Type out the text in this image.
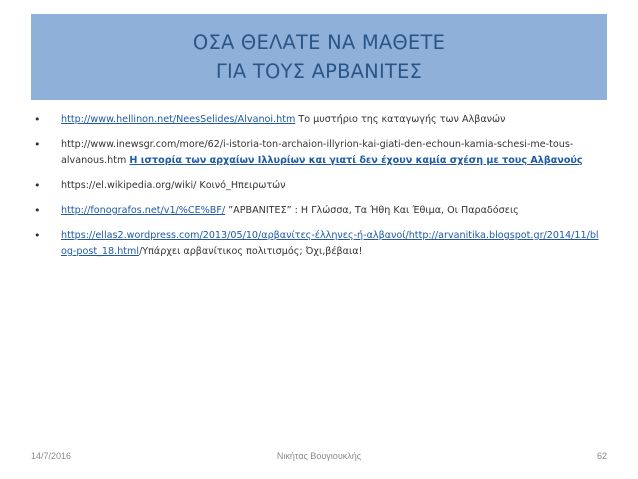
ΟΣΑ ΘΕΛΑΤΕ ΝΑ ΜΑΘΕΤΕ
ΓΙΑ ΤΟΥΣ ΑΡΒΑΝΙΤΕΣ
•	http://www.hellinon.net/NeesSelides/Alvanoi.htm Το μυστήριο της καταγωγής των Αλβανών
•	http://www.inewsgr.com/more/62/i-istoria-ton-archaion-illyrion-kai-giati-den-echoun-kamia-schesi-me-tous-alvanous.htm Η ιστορία των αρχαίων Ιλλυρίων και γιατί δεν έχουν καμία σχέση με τους Αλβανούς
•	https://el.wikipedia.org/wiki/ Κοινό_Ηπειρωτών
•	http://fonografos.net/v1/%CE%BF/ ”ΑΡΒΑΝΙΤΕΣ” : Η Γλώσσα, Τα Ήθη Και Έθιμα, Οι Παραδόσεις
•	https://ellas2.wordpress.com/2013/05/10/αρβανίτες-έλληνες-ή-αλβανοί/http://arvanitika.blogspot.gr/2014/11/blog-post_18.html/Υπάρχει αρβανίτικος πολιτισμός; Όχι,βέβαια!
14/7/2016	Νικήτας Βουγιουκλής	62
